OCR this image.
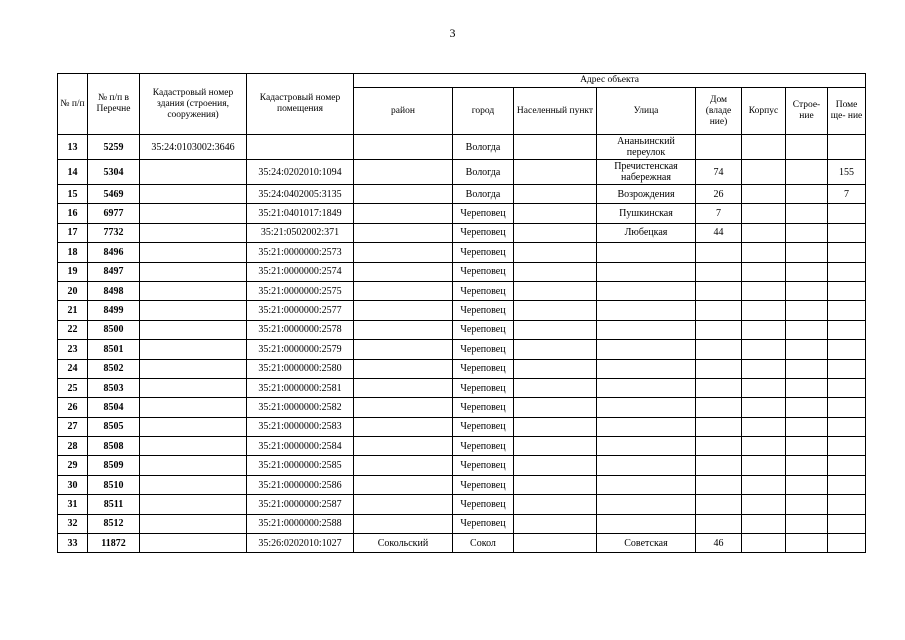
3
№ п/п	№ п/п в Перечне	Кадастровый номер здания (строения, сооружения)	Кадастровый номер помещения	Адрес объекта							
				район	город	Населенный пункт	Улица	Дом (владе ние)	Корпус	Строе- ние	Поме ще- ние
13	5259	35:24:0103002:3646			Вологда		Ананьинский переулок				
14	5304		35:24:0202010:1094		Вологда		Пречистенская набережная	74			155
15	5469		35:24:0402005:3135		Вологда		Возрождения	26			7
16	6977		35:21:0401017:1849		Череповец		Пушкинская	7			
17	7732		35:21:0502002:371		Череповец		Любецкая	44			
18	8496		35:21:0000000:2573		Череповец						
19	8497		35:21:0000000:2574		Череповец						
20	8498		35:21:0000000:2575		Череповец						
21	8499		35:21:0000000:2577		Череповец						
22	8500		35:21:0000000:2578		Череповец						
23	8501		35:21:0000000:2579		Череповец						
24	8502		35:21:0000000:2580		Череповец						
25	8503		35:21:0000000:2581		Череповец						
26	8504		35:21:0000000:2582		Череповец						
27	8505		35:21:0000000:2583		Череповец						
28	8508		35:21:0000000:2584		Череповец						
29	8509		35:21:0000000:2585		Череповец						
30	8510		35:21:0000000:2586		Череповец						
31	8511		35:21:0000000:2587		Череповец						
32	8512		35:21:0000000:2588		Череповец						
33	11872		35:26:0202010:1027	Сокольский	Сокол		Советская	46			
